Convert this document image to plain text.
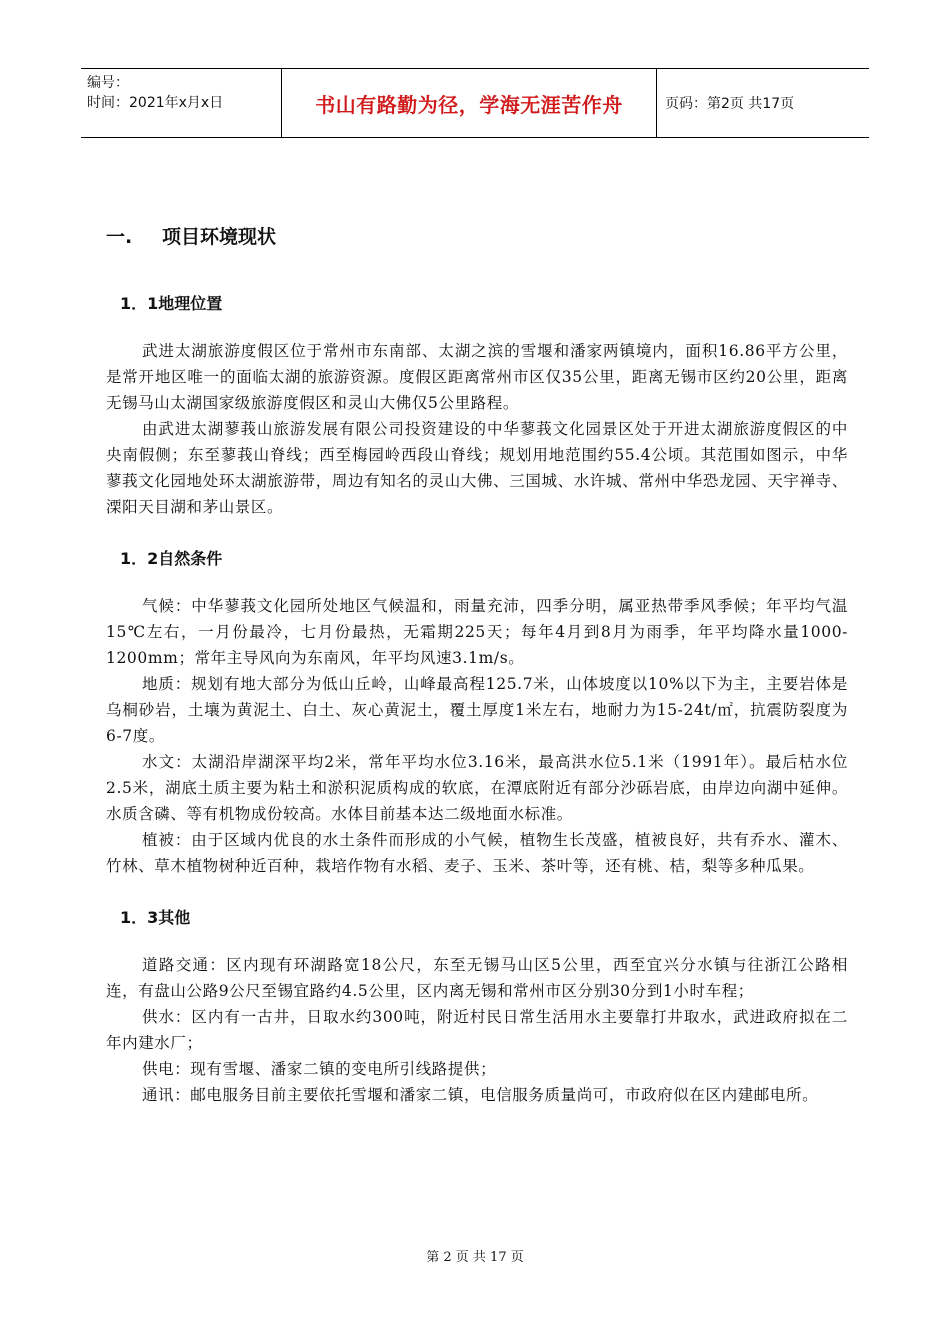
编号：
时间：2021年x月x日	书山有路勤为径，学海无涯苦作舟	页码：第2页 共17页
一.	项目环境现状
1．1地理位置

武进太湖旅游度假区位于常州市东南部、太湖之滨的雪堰和潘家两镇境内，面积16.86平方公里，是常开地区唯一的面临太湖的旅游资源。度假区距离常州市区仅35公里，距离无锡市区约20公里，距离无锡马山太湖国家级旅游度假区和灵山大佛仅5公里路程。

由武进太湖蓼莪山旅游发展有限公司投资建设的中华蓼莪文化园景区处于开进太湖旅游度假区的中央南假侧；东至蓼莪山脊线；西至梅园岭西段山脊线；规划用地范围约55.4公顷。其范围如图示，中华蓼莪文化园地处环太湖旅游带，周边有知名的灵山大佛、三国城、水许城、常州中华恐龙园、天宇禅寺、溧阳天目湖和茅山景区。

1．2自然条件

气候：中华蓼莪文化园所处地区气候温和，雨量充沛，四季分明，属亚热带季风季候；年平均气温15℃左右，一月份最冷，七月份最热，无霜期225天；每年4月到8月为雨季，年平均降水量1000-1200mm；常年主导风向为东南风，年平均风速3.1m/s。

地质：规划有地大部分为低山丘岭，山峰最高程125.7米，山体坡度以10%以下为主，主要岩体是乌桐砂岩，土壤为黄泥土、白土、灰心黄泥土，覆土厚度1米左右，地耐力为15-24t/㎡，抗震防裂度为6-7度。

水文：太湖沿岸湖深平均2米，常年平均水位3.16米，最高洪水位5.1米（1991年）。最后枯水位2.5米，湖底土质主要为粘土和淤积泥质构成的软底，在潭底附近有部分沙砾岩底，由岸边向湖中延伸。水质含磷、等有机物成份较高。水体目前基本达二级地面水标准。

植被：由于区域内优良的水土条件而形成的小气候，植物生长茂盛，植被良好，共有乔水、灌木、竹林、草木植物树种近百种，栽培作物有水稻、麦子、玉米、茶叶等，还有桃、桔，梨等多种瓜果。

1．3其他

道路交通：区内现有环湖路宽18公尺，东至无锡马山区5公里，西至宜兴分水镇与往浙江公路相连，有盘山公路9公尺至锡宜路约4.5公里，区内离无锡和常州市区分别30分到1小时车程；

供水：区内有一古井，日取水约300吨，附近村民日常生活用水主要靠打井取水，武进政府拟在二年内建水厂；

供电：现有雪堰、潘家二镇的变电所引线路提供；

通讯：邮电服务目前主要依托雪堰和潘家二镇，电信服务质量尚可，市政府似在区内建邮电所。

第 2 页 共 17 页
